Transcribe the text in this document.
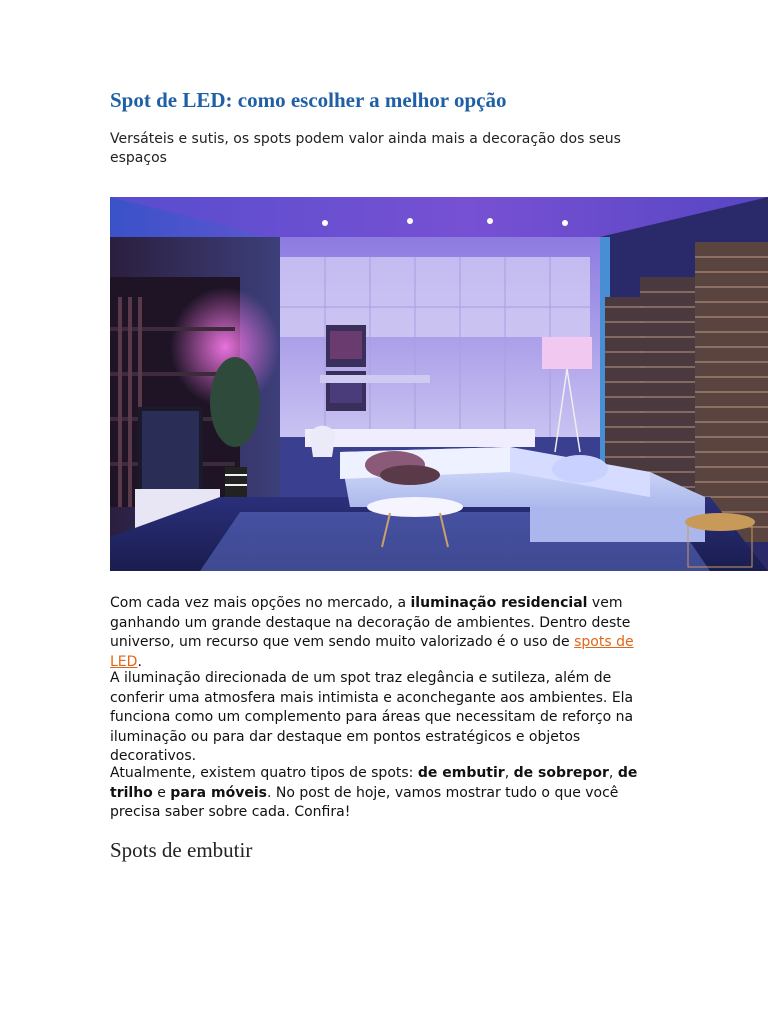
Spot de LED: como escolher a melhor opção

Versáteis e sutis, os spots podem valor ainda mais a decoração dos seus espaços

Com cada vez mais opções no mercado, a iluminação residencial vem ganhando um grande destaque na decoração de ambientes. Dentro deste universo, um recurso que vem sendo muito valorizado é o uso de spots de LED.

A iluminação direcionada de um spot traz elegância e sutileza, além de conferir uma atmosfera mais intimista e aconchegante aos ambientes. Ela funciona como um complemento para áreas que necessitam de reforço na iluminação ou para dar destaque em pontos estratégicos e objetos decorativos.

Atualmente, existem quatro tipos de spots: de embutir, de sobrepor, de trilho e para móveis. No post de hoje, vamos mostrar tudo o que você precisa saber sobre cada. Confira!

Spots de embutir
